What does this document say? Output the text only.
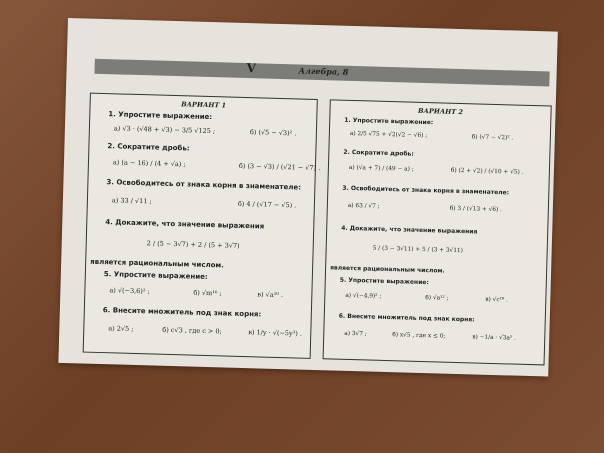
V	Алгебра, 8
ВАРИАНТ 1
1. Упростите выражение:
а) √3 · (√48 + √3) − 3/5 √125 ;	б) (√5 − √3)² .
2. Сократите дробь:
а) (a − 16) / (4 + √a) ;	б) (3 − √3) / (√21 − √7) .
3. Освободитесь от знака корня в знаменателе:
а) 33 / √11 ;	б) 4 / (√17 − √5) .
4. Докажите, что значение выражения
2 / (5 − 3√7) + 2 / (5 + 3√7)
является рациональным числом.
5. Упростите выражение:
а) √(−3,6)² ;	б) √m¹⁶ ;	в) √a¹⁰ .
6. Внесите множитель под знак корня:
а) 2√5 ;	б) c√3 , где c > 0;	в) 1/y · √(−5y³) .
ВАРИАНТ 2
1. Упростите выражение:
а) 2/5 √75 + √2(√2 − √6) ;	б) (√7 − √2)² .
2. Сократите дробь:
а) (√a + 7) / (49 − a) ;	б) (2 + √2) / (√10 + √5) .
3. Освободитесь от знака корня в знаменателе:
а) 63 / √7 ;	б) 3 / (√13 + √6) .
4. Докажите, что значение выражения
5 / (3 − 3√11) + 5 / (3 + 3√11)
является рациональным числом.
5. Упростите выражение:
а) √(−4,9)² ;	б) √a¹² ;	в) √c¹⁸ .
6. Внесите множитель под знак корня:
а) 3√7 ;	б) x√5 , где x ≤ 0;	в) −1/a · √3a⁵ .
